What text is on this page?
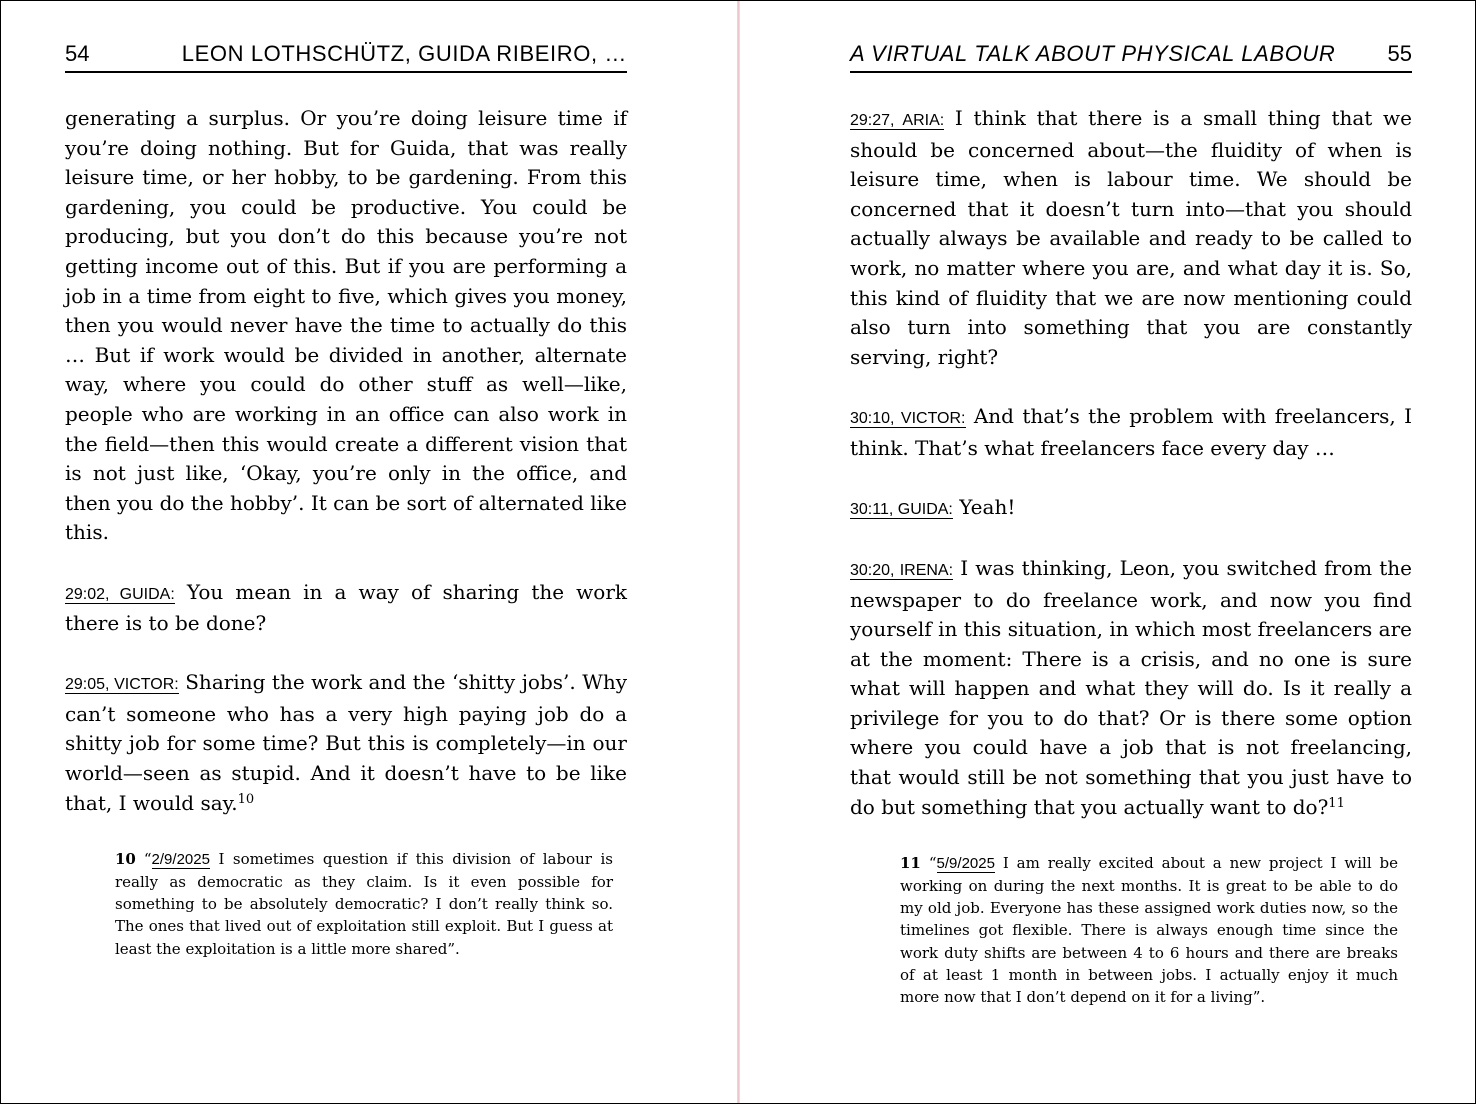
54	LEON LOTHSCHÜTZ, GUIDA RIBEIRO, …

generating a surplus. Or you’re doing leisure time if you’re doing nothing. But for Guida, that was really leisure time, or her hobby, to be gardening. From this gardening, you could be productive. You could be producing, but you don’t do this because you’re not getting income out of this. But if you are performing a job in a time from eight to five, which gives you money, then you would never have the time to actually do this … But if work would be divided in another, alternate way, where you could do other stuff as well—like, people who are working in an office can also work in the field—then this would create a different vision that is not just like, ‘Okay, you’re only in the office, and then you do the hobby’. It can be sort of alternated like this.

29:02, GUIDA: You mean in a way of sharing the work there is to be done?

29:05, VICTOR: Sharing the work and the ‘shitty jobs’. Why can’t someone who has a very high paying job do a shitty job for some time? But this is completely—in our world—seen as stupid. And it doesn’t have to be like that, I would say.$^{10}$

10 “2/9/2025 I sometimes question if this division of labour is really as democratic as they claim. Is it even possible for something to be absolutely democratic? I don’t really think so. The ones that lived out of exploitation still exploit. But I guess at least the exploitation is a little more shared”.

A VIRTUAL TALK ABOUT PHYSICAL LABOUR 55

29:27, ARIA: I think that there is a small thing that we should be concerned about—the fluidity of when is leisure time, when is labour time. We should be concerned that it doesn’t turn into—that you should actually always be available and ready to be called to work, no matter where you are, and what day it is. So, this kind of fluidity that we are now mentioning could also turn into something that you are constantly serving, right?

30:10, VICTOR: And that’s the problem with freelancers, I think. That’s what freelancers face every day …

30:11, GUIDA: Yeah!

30:20, IRENA: I was thinking, Leon, you switched from the newspaper to do freelance work, and now you find yourself in this situation, in which most freelancers are at the moment: There is a crisis, and no one is sure what will happen and what they will do. Is it really a privilege for you to do that? Or is there some option where you could have a job that is not freelancing, that would still be not something that you just have to do but something that you actually want to do?$^{11}$

11 “5/9/2025 I am really excited about a new project I will be working on during the next months. It is great to be able to do my old job. Everyone has these assigned work duties now, so the timelines got flexible. There is always enough time since the work duty shifts are between 4 to 6 hours and there are breaks of at least 1 month in between jobs. I actually enjoy it much more now that I don’t depend on it for a living”.
